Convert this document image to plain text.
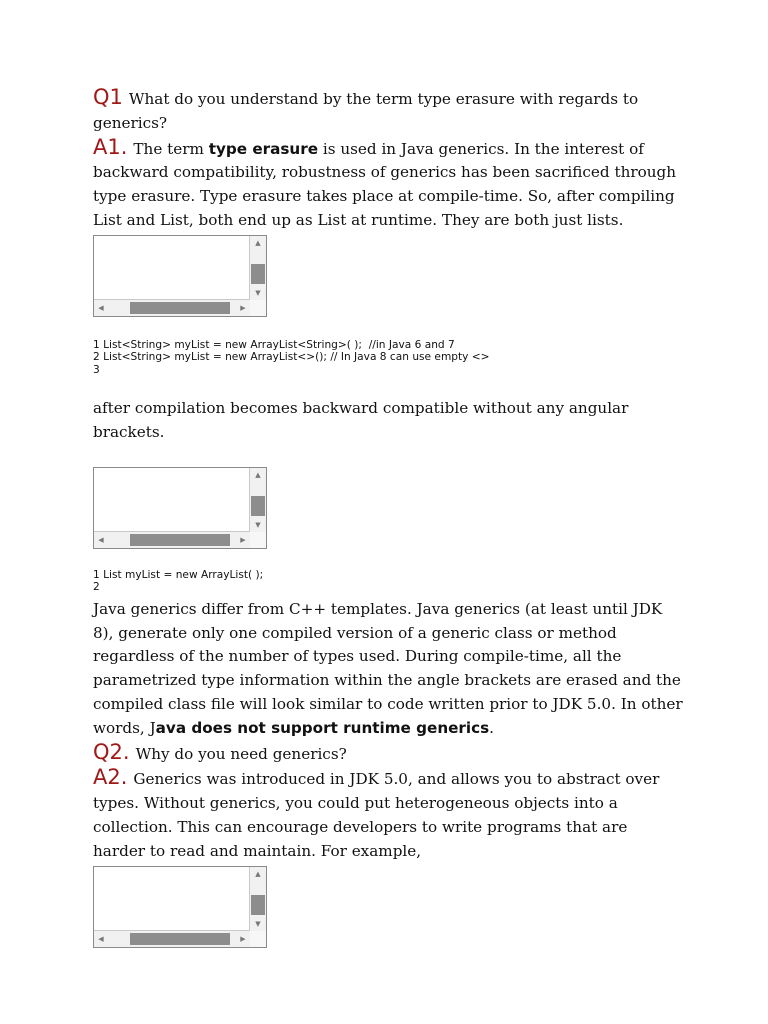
Q1 What do you understand by the term type erasure with regards to generics?

A1. The term type erasure is used in Java generics. In the interest of backward compatibility, robustness of generics has been sacrificed through type erasure. Type erasure takes place at compile-time. So, after compiling List and List, both end up as List at runtime. They are both just lists.

▲
▼
◀	▶
1 List<String> myList = new ArrayList<String>( );  //in Java 6 and 7
2 List<String> myList = new ArrayList<>(); // In Java 8 can use empty <>
3

after compilation becomes backward compatible without any angular brackets.

▲
▼
◀	▶
1 List myList = new ArrayList( );
2

Java generics differ from C++ templates. Java generics (at least until JDK 8), generate only one compiled version of a generic class or method regardless of the number of types used. During compile-time, all the parametrized type information within the angle brackets are erased and the compiled class file will look similar to code written prior to JDK 5.0. In other words, Java does not support runtime generics.

Q2. Why do you need generics?

A2. Generics was introduced in JDK 5.0, and allows you to abstract over types. Without generics, you could put heterogeneous objects into a collection. This can encourage developers to write programs that are harder to read and maintain. For example,

▲
▼
◀	▶
